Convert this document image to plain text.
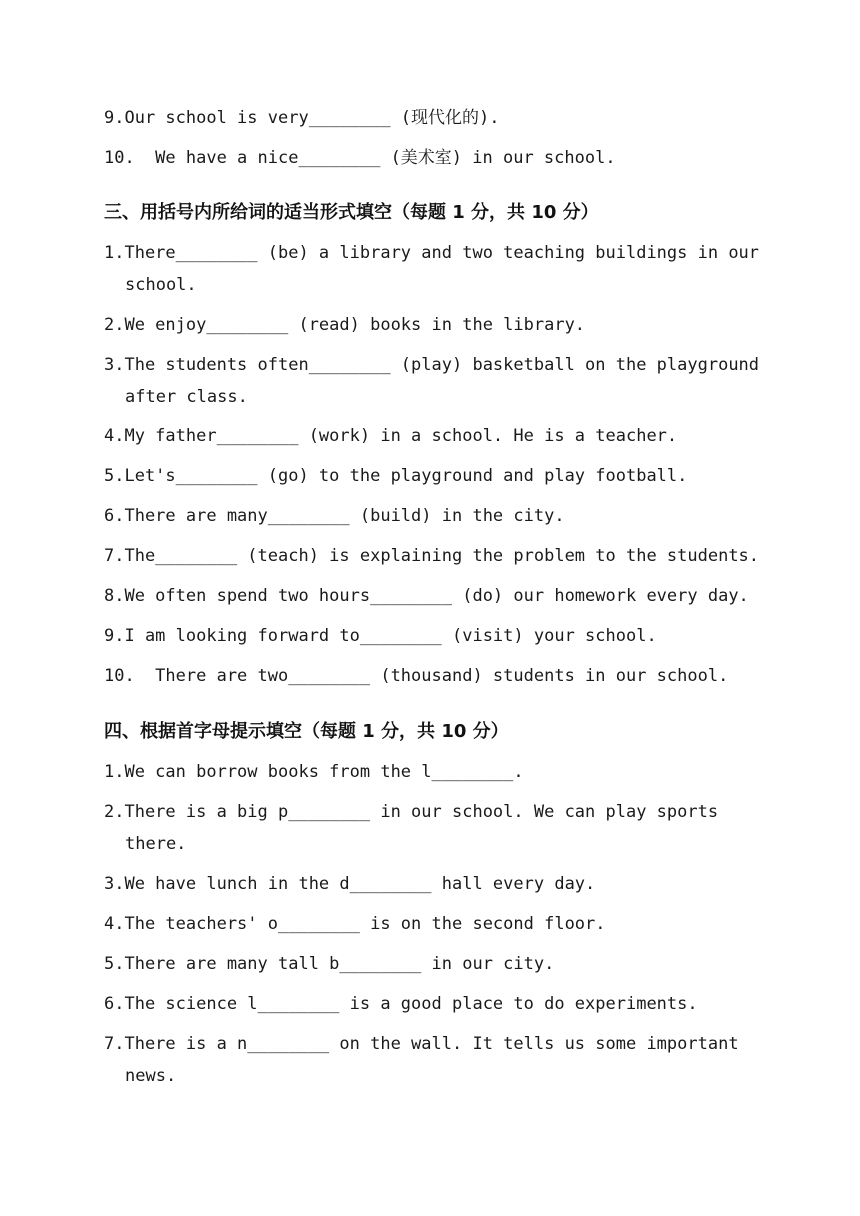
9.Our school is very________ (现代化的).
10.  We have a nice________ (美术室) in our school.
三、用括号内所给词的适当形式填空（每题 1 分，共 10 分）
1.There________ (be) a library and two teaching buildings in our school.
2.We enjoy________ (read) books in the library.
3.The students often________ (play) basketball on the playground after class.
4.My father________ (work) in a school. He is a teacher.
5.Let's________ (go) to the playground and play football.
6.There are many________ (build) in the city.
7.The________ (teach) is explaining the problem to the students.
8.We often spend two hours________ (do) our homework every day.
9.I am looking forward to________ (visit) your school.
10.  There are two________ (thousand) students in our school.
四、根据首字母提示填空（每题 1 分，共 10 分）
1.We can borrow books from the l________.
2.There is a big p________ in our school. We can play sports there.
3.We have lunch in the d________ hall every day.
4.The teachers' o________ is on the second floor.
5.There are many tall b________ in our city.
6.The science l________ is a good place to do experiments.
7.There is a n________ on the wall. It tells us some important news.
